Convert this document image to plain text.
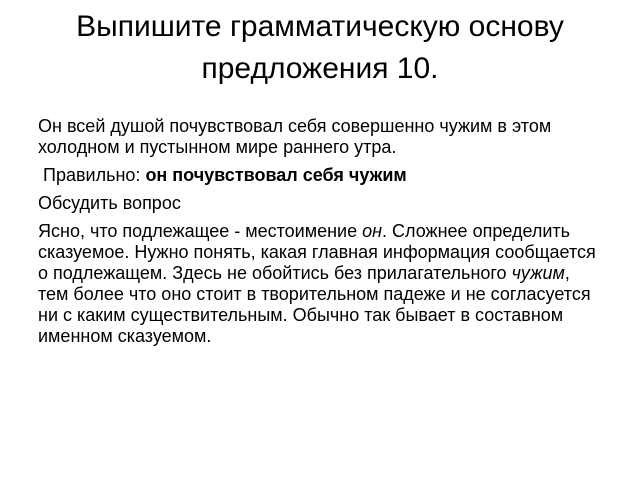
Выпишите грамматическую основу предложения 10.

Он всей душой почувствовал себя совершенно чужим в этом холодном и пустынном мире раннего утра.

Правильно: он почувствовал себя чужим

Обсудить вопрос

Ясно, что подлежащее - местоимение он. Сложнее определить сказуемое. Нужно понять, какая главная информация сообщается о подлежащем. Здесь не обойтись без прилагательного чужим, тем более что оно стоит в творительном падеже и не согласуется ни с каким существительным. Обычно так бывает в составном именном сказуемом.
